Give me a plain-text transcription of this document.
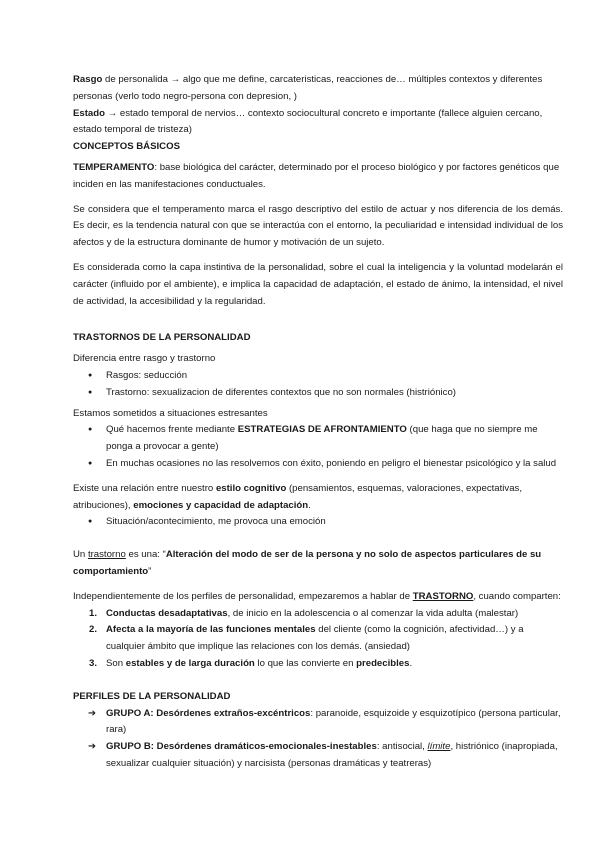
Rasgo de personalida → algo que me define, carcateristicas, reacciones de… múltiples contextos y diferentes personas (verlo todo negro-persona con depresion, )

Estado → estado temporal de nervios… contexto sociocultural concreto e importante (fallece alguien cercano, estado temporal de tristeza)

CONCEPTOS BÁSICOS

TEMPERAMENTO: base biológica del carácter, determinado por el proceso biológico y por factores genéticos que inciden en las manifestaciones conductuales.

Se considera que el temperamento marca el rasgo descriptivo del estilo de actuar y nos diferencia de los demás. Es decir, es la tendencia natural con que se interactúa con el entorno, la peculiaridad e intensidad individual de los afectos y de la estructura dominante de humor y motivación de un sujeto.

Es considerada como la capa instintiva de la personalidad, sobre el cual la inteligencia y la voluntad modelarán el carácter (influido por el ambiente), e implica la capacidad de adaptación, el estado de ánimo, la intensidad, el nivel de actividad, la accesibilidad y la regularidad.

TRASTORNOS DE LA PERSONALIDAD

Diferencia entre rasgo y trastorno

● Rasgos: seducción
● Trastorno: sexualizacion de diferentes contextos que no son normales (histriónico)

Estamos sometidos a situaciones estresantes

● Qué hacemos frente mediante ESTRATEGIAS DE AFRONTAMIENTO (que haga que no siempre me ponga a provocar a gente)
● En muchas ocasiones no las resolvemos con éxito, poniendo en peligro el bienestar psicológico y la salud

Existe una relación entre nuestro estilo cognitivo (pensamientos, esquemas, valoraciones, expectativas, atribuciones), emociones y capacidad de adaptación.

● Situación/acontecimiento, me provoca una emoción

Un trastorno es una: “Alteración del modo de ser de la persona y no solo de aspectos particulares de su comportamiento”

Independientemente de los perfiles de personalidad, empezaremos a hablar de TRASTORNO, cuando comparten:

1. Conductas desadaptativas, de inicio en la adolescencia o al comenzar la vida adulta (malestar)
2. Afecta a la mayoría de las funciones mentales del cliente (como la cognición, afectividad…) y a cualquier ámbito que implique las relaciones con los demás. (ansiedad)
3. Son estables y de larga duración lo que las convierte en predecibles.

PERFILES DE LA PERSONALIDAD

➔ GRUPO A: Desórdenes extraños-excéntricos: paranoide, esquizoide y esquizotípico (persona particular, rara)
➔ GRUPO B: Desórdenes dramáticos-emocionales-inestables: antisocial, límite, histriónico (inapropiada, sexualizar cualquier situación) y narcisista (personas dramáticas y teatreras)
